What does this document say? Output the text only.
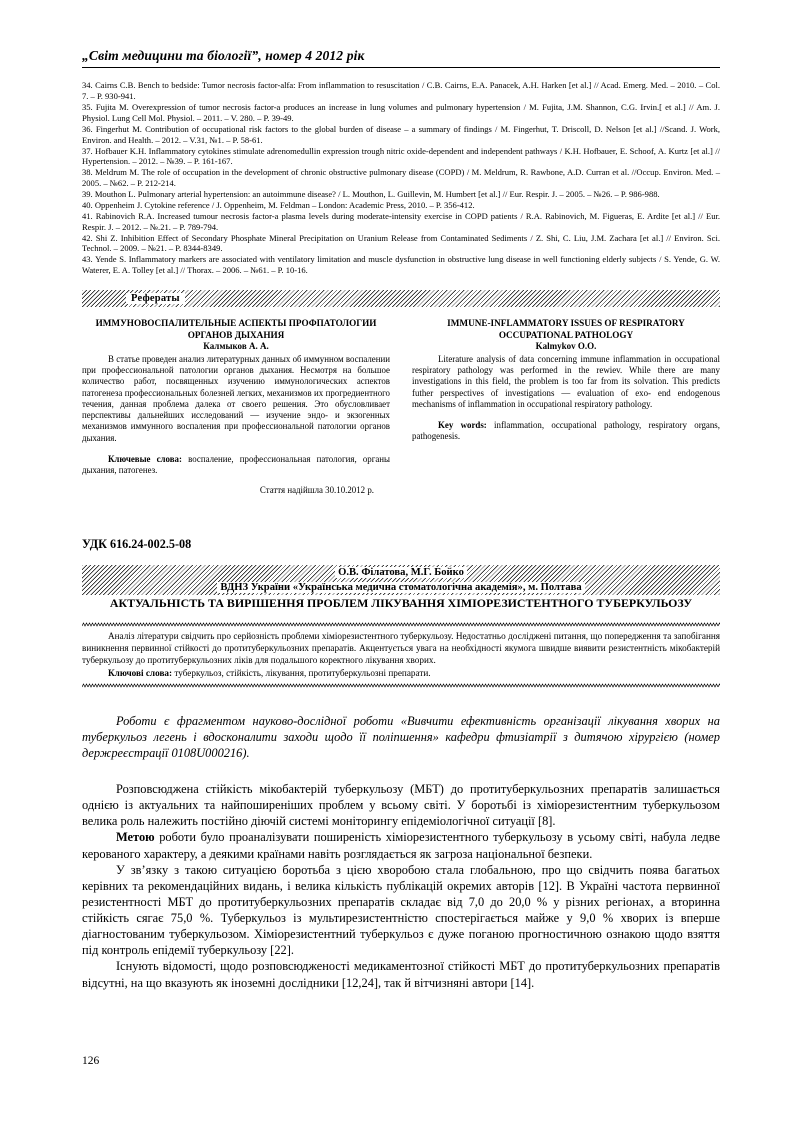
„Світ медицини та біології”, номер 4 2012 рік

34. Cairns C.B. Bench to bedside: Tumor necrosis factor-alfa: From inflammation to resuscitation / C.B. Cairns, E.A. Panacek, A.H. Harken [et al.] // Acad. Emerg. Med. – 2010. – Col. 7. – P. 930-941.

35. Fujita M. Overexpression of tumor necrosis factor-a produces an increase in lung volumes and pulmonary hypertension / M. Fujita, J.M. Shannon, C.G. Irvin.[ et al.] // Am. J. Physiol. Lung Cell Mol. Physiol. – 2011. – V. 280. – P. 39-49.

36. Fingerhut M. Contribution of occupational risk factors to the global burden of disease – a summary of findings / M. Fingerhut, T. Driscoll, D. Nelson [et al.] //Scand. J. Work, Environ. and Health. – 2012. – V.31, №1. – P. 58-61.

37. Hofbauer K.H. Inflammatory cytokines stimulate adrenomedullin expression trough nitric oxide-dependent and independent pathways / K.H. Hofbauer, E. Schoof, A. Kurtz [et al.] // Hypertension. – 2012. – №39. – P. 161-167.

38. Meldrum M. The role of occupation in the development of chronic obstructive pulmonary disease (COPD) / M. Meldrum, R. Rawbone, A.D. Curran et al. //Occup. Environ. Med. – 2005. – №62. – P. 212-214.

39. Mouthon L. Pulmonary arterial hypertension: an autoimmune disease? / L. Mouthon, L. Guillevin, M. Humbert [et al.] // Eur. Respir. J. – 2005. – №26. – P. 986-988.

40. Oppenheim J. Cytokine reference / J. Oppenheim, M. Feldman – London: Academic Press, 2010. – P. 356-412.

41. Rabinovich R.A. Increased tumour necrosis factor-a plasma levels during moderate-intensity exercise in COPD patients / R.A. Rabinovich, M. Figueras, E. Ardite [et al.] // Eur. Respir. J. – 2012. – №.21. – P. 789-794.

42. Shi Z. Inhibition Effect of Secondary Phosphate Mineral Precipitation on Uranium Release from Contaminated Sediments / Z. Shi, C. Liu, J.M. Zachara [et al.] // Environ. Sci. Technol. – 2009. – №21. – P. 8344-8349.

43. Yende S. Inflammatory markers are associated with ventilatory limitation and muscle dysfunction in obstructive lung disease in well functioning elderly subjects / S. Yende, G. W. Waterer, E. A. Tolley [et al.] // Thorax. – 2006. – №61. – P. 10-16.

Рефераты
ИММУНОВОСПАЛИТЕЛЬНЫЕ АСПЕКТЫ ПРОФПАТОЛОГИИ ОРГАНОВ ДЫХАНИЯ
Калмыков А. А.

В статье проведен анализ литературных данных об иммунном воспалении при профессиональной патологии органов дыхания. Несмотря на большое количество работ, посвященных изучению иммунологических аспектов патогенеза профессиональных болезней легких, механизмов их прогредиентного течения, данная проблема далека от своего решения. Это обусловливает перспективы дальнейших исследований — изучение эндо- и экзогенных механизмов иммунного воспаления при профессиональной патологии органов дыхания.

Ключевые слова: воспаление, профессиональная патология, органы дыхания, патогенез.
Стаття надійшла 30.10.2012 р.
IMMUNE-INFLAMMATORY ISSUES OF RESPIRATORY OCCUPATIONAL PATHOLOGY
Kalmykov O.O.

Literature analysis of data concerning immune inflammation in occupational respiratory pathology was performed in the rewiev. While there are many investigations in this field, the problem is too far from its solvation. This predicts futher perspectives of investigations — evaluation of exo- end endogenous mechanisms of inflammation in occupational respiratory pathology.

Key words: inflammation, occupational pathology, respiratory organs, pathogenesis.
УДК 616.24-002.5-08
О.В. Філатова, М.Г. Бойко
ВДНЗ України «Українська медична стоматологічна академія», м. Полтава
АКТУАЛЬНІСТЬ ТА ВИРІШЕННЯ ПРОБЛЕМ ЛІКУВАННЯ ХІМІОРЕЗИСТЕНТНОГО ТУБЕРКУЛЬОЗУ

Аналіз літератури свідчить про серйозність проблеми хіміорезистентного туберкульозу. Недостатньо досліджені питання, що попередження та запобігання виникнення первинної стійкості до протитуберкульозних препаратів. Акцентується увага на необхідності якумога швидше виявити резистентність мікобактерій туберкульозу до протитуберкульозних ліків для подальшого коректного лікування хворих.

Ключові слова: туберкульоз, стійкість, лікування, протитуберкульозні препарати.
Роботи є фрагментом науково-дослідної роботи «Вивчити ефективність організації лікування хворих на туберкульоз легень і вдосконалити заходи щодо її поліпшення» кафедри фтизіатрії з дитячою хірургією (номер держреєстрації 0108U000216).

Розповсюджена стійкість мікобактерій туберкульозу (МБТ) до протитуберкульозних препаратів залишається однією із актуальних та найпоширеніших проблем у всьому світі. У боротьбі із хіміорезистентним туберкульозом велика роль належить постійно діючій системі моніторингу епідеміологічної ситуації [8].

Метою роботи було проаналізувати поширеність хіміорезистентного туберкульозу в усьому світі, набула ледве керованого характеру, а деякими країнами навіть розглядається як загроза національної безпеки.

У зв’язку з такою ситуацією боротьба з цією хворобою стала глобальною, про що свідчить поява багатьох керівних та рекомендаційних видань, і велика кількість публікацій окремих авторів [12]. В Україні частота первинної резистентності МБТ до протитуберкульозних препаратів складає від 7,0 до 20,0 % у різних регіонах, а вторинна стійкість сягає 75,0 %. Туберкульоз із мультирезистентністю спостерігається майже у 9,0 % хворих із вперше діагностованим туберкульозом. Хіміорезистентний туберкульоз є дуже поганою прогностичною ознакою щодо взяття під контроль епідемії туберкульозу [22].

Існують відомості, щодо розповсюдженості медикаментозної стійкості МБТ до протитуберкульозних препаратів відсутні, на що вказують як іноземні дослідники [12,24], так й вітчизняні автори [14].

126
